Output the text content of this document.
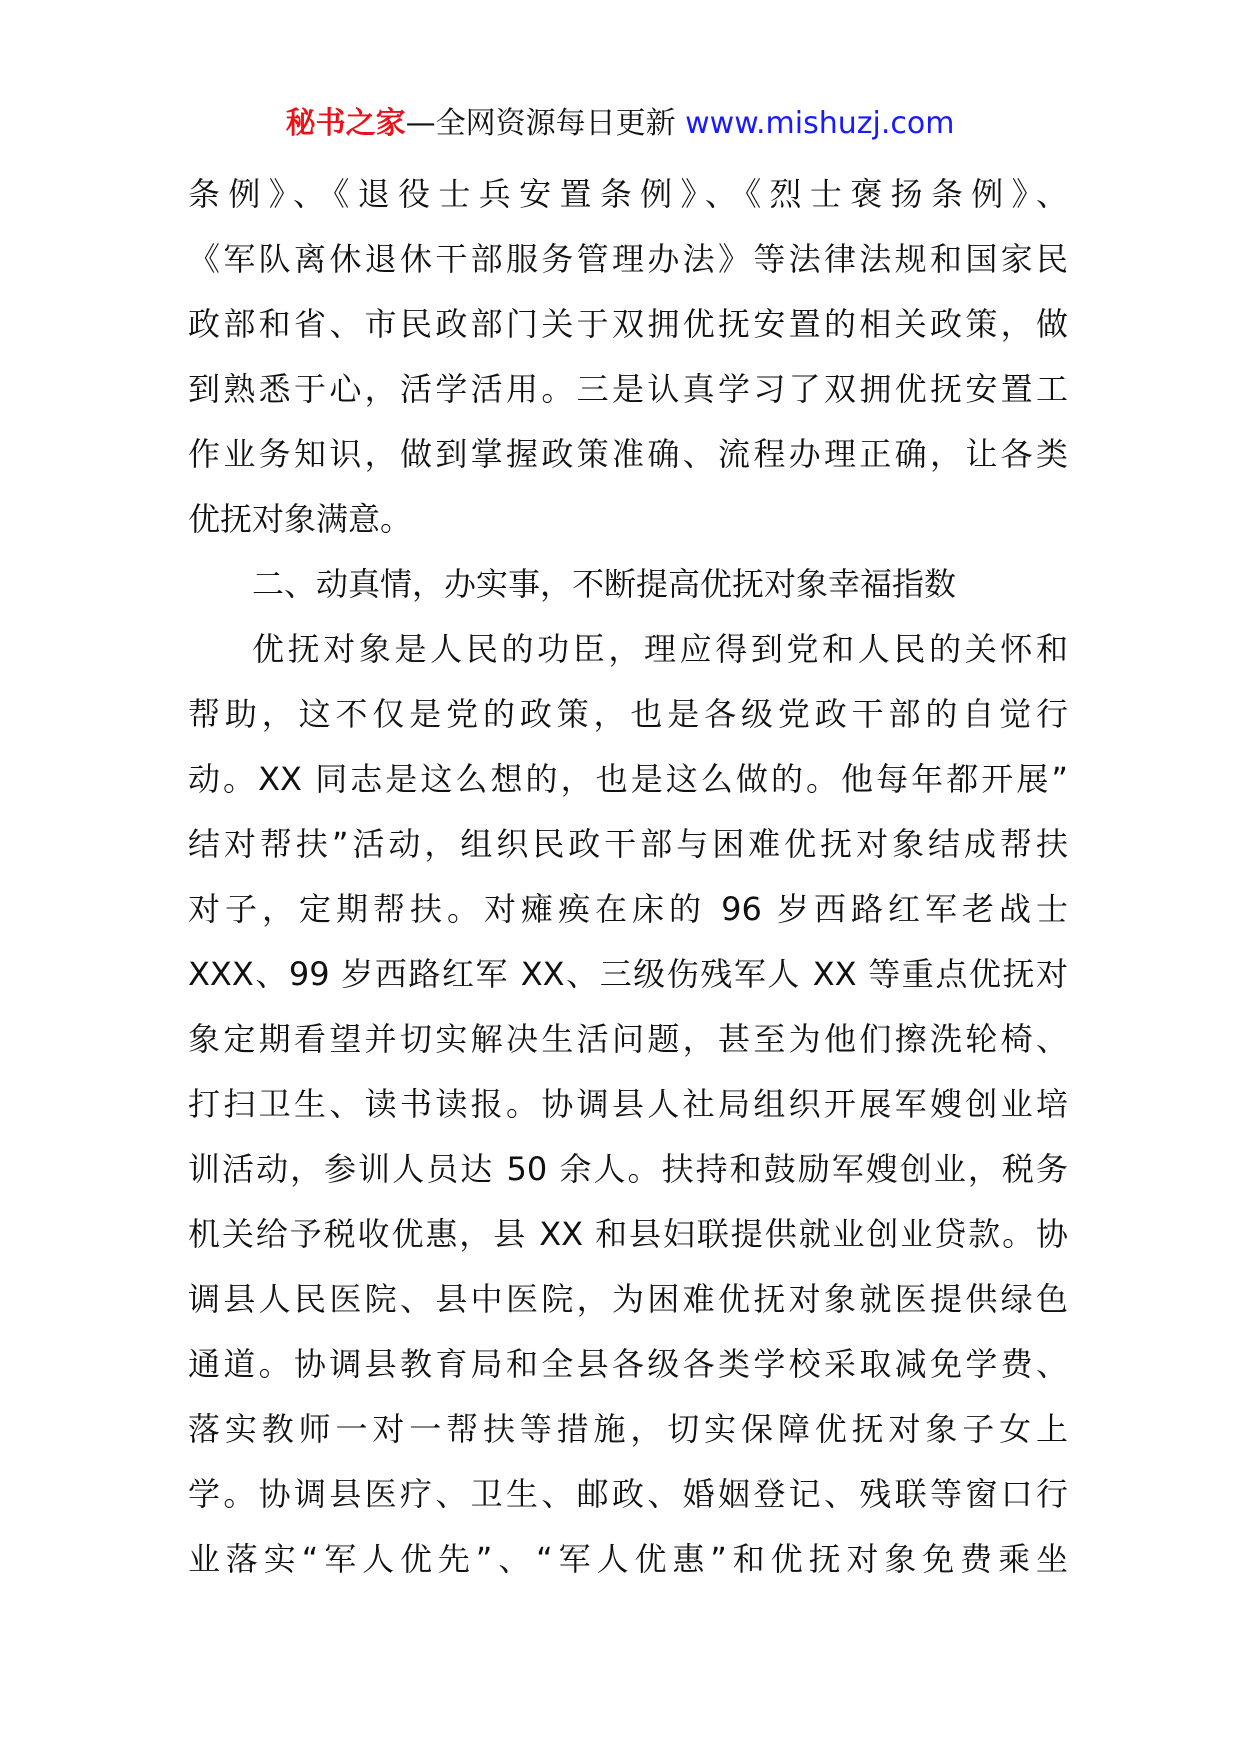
秘书之家—全网资源每日更新 www.mishuzj.com
条例》、《退役士兵安置条例》、《烈士褒扬条例》、
《军队离休退休干部服务管理办法》等法律法规和国家民
政部和省、市民政部门关于双拥优抚安置的相关政策，做
到熟悉于心，活学活用。三是认真学习了双拥优抚安置工
作业务知识，做到掌握政策准确、流程办理正确，让各类
优抚对象满意。
二、动真情，办实事，不断提高优抚对象幸福指数
优抚对象是人民的功臣，理应得到党和人民的关怀和
帮助，这不仅是党的政策，也是各级党政干部的自觉行
动。XX 同志是这么想的，也是这么做的。他每年都开展”
结对帮扶”活动，组织民政干部与困难优抚对象结成帮扶
对子，定期帮扶。对瘫痪在床的 96 岁西路红军老战士
XXX、99 岁西路红军 XX、三级伤残军人 XX 等重点优抚对
象定期看望并切实解决生活问题，甚至为他们擦洗轮椅、
打扫卫生、读书读报。协调县人社局组织开展军嫂创业培
训活动，参训人员达 50 余人。扶持和鼓励军嫂创业，税务
机关给予税收优惠，县 XX 和县妇联提供就业创业贷款。协
调县人民医院、县中医院，为困难优抚对象就医提供绿色
通道。协调县教育局和全县各级各类学校采取减免学费、
落实教师一对一帮扶等措施，切实保障优抚对象子女上
学。协调县医疗、卫生、邮政、婚姻登记、残联等窗口行
业落实“军人优先”、“军人优惠”和优抚对象免费乘坐
